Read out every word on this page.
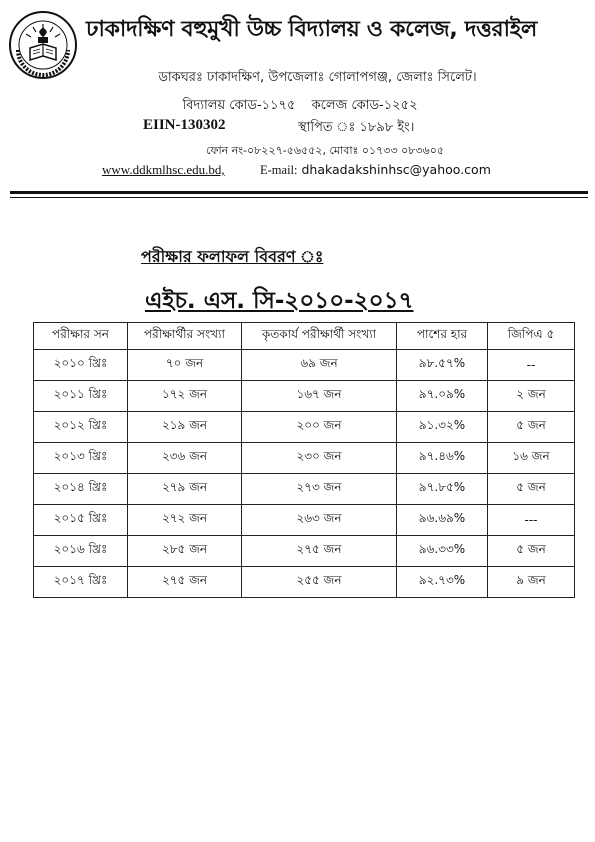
ঢাকাদক্ষিণ বহুমুখী উচ্চ বিদ্যালয় ও কলেজ, দত্তরাইল
ডাকঘরঃ ঢাকাদক্ষিণ, উপজেলাঃ গোলাপগঞ্জ, জেলাঃ সিলেট।
বিদ্যালয় কোড-১১৭৫ কলেজ কোড-১২৫২
EIIN-130302	স্থাপিত ঃ ১৮৯৮ ইং।
ফোন নং-০৮২২৭-৫৬৫৫২, মোবাঃ ০১৭৩৩ ০৮৩৬০৫
www.ddkmlhsc.edu.bd,	E-mail: dhakadakshinhsc@yahoo.com
পরীক্ষার ফলাফল বিবরণ ঃ
এইচ. এস. সি-২০১০-২০১৭
পরীক্ষার সন	পরীক্ষার্থীর সংখ্যা	কৃতকার্য পরীক্ষার্থী সংখ্যা	পাশের হার	জিপিএ ৫
২০১০ খ্রিঃ	৭০ জন	৬৯ জন	৯৮.৫৭%	--
২০১১ খ্রিঃ	১৭২ জন	১৬৭ জন	৯৭.০৯%	২ জন
২০১২ খ্রিঃ	২১৯ জন	২০০ জন	৯১.৩২%	৫ জন
২০১৩ খ্রিঃ	২৩৬ জন	২৩০ জন	৯৭.৪৬%	১৬ জন
২০১৪ খ্রিঃ	২৭৯ জন	২৭৩ জন	৯৭.৮৫%	৫ জন
২০১৫ খ্রিঃ	২৭২ জন	২৬৩ জন	৯৬.৬৯%	---
২০১৬ খ্রিঃ	২৮৫ জন	২৭৫ জন	৯৬.৩৩%	৫ জন
২০১৭ খ্রিঃ	২৭৫ জন	২৫৫ জন	৯২.৭৩%	৯ জন
